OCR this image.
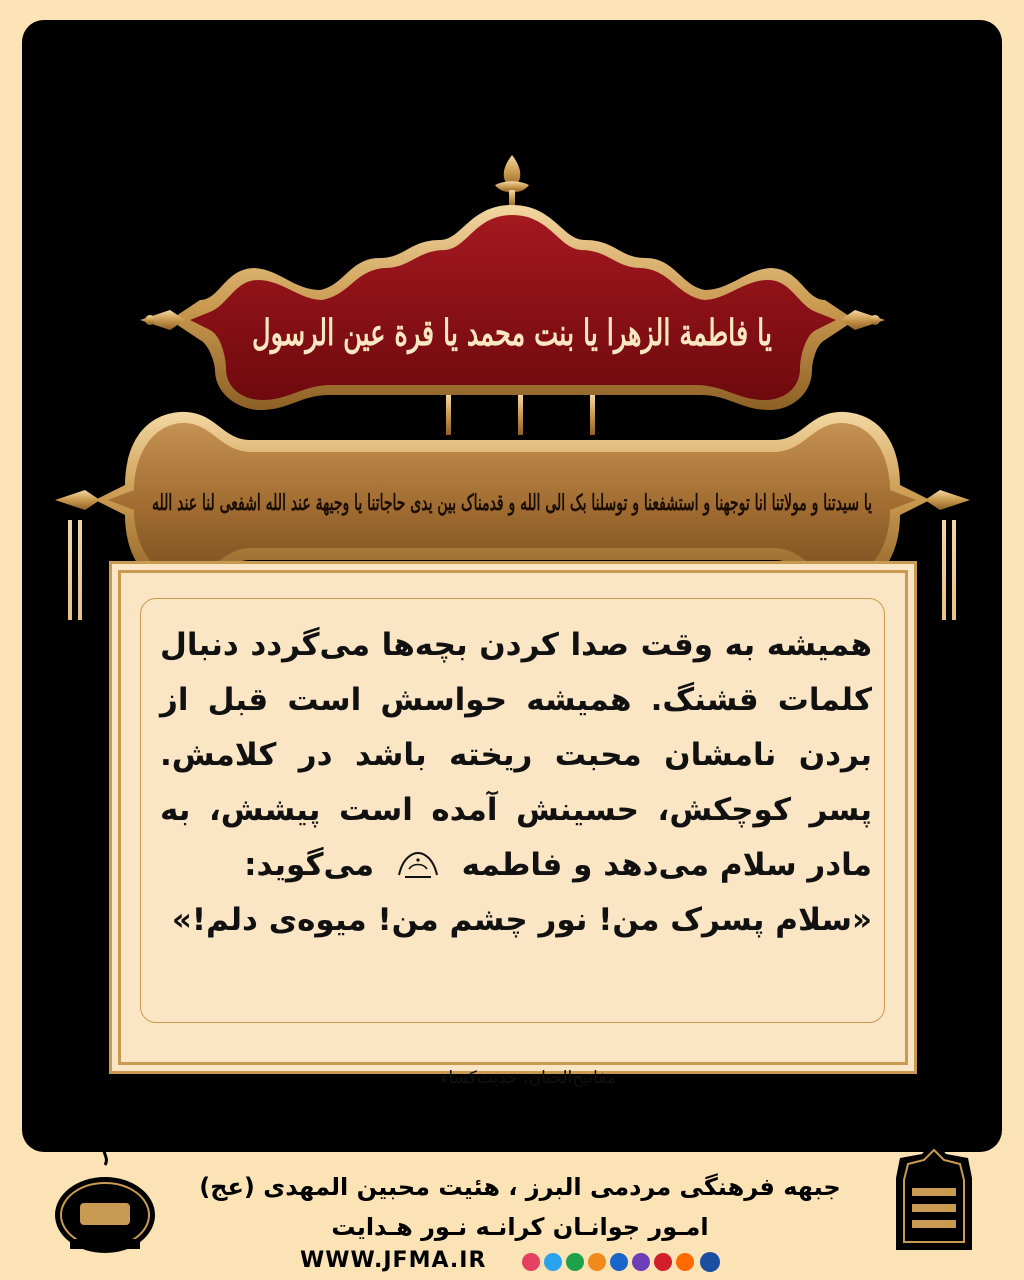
یا فاطمة الزهرا یا بنت محمد یا قرة عین الرسول
یا سیدتنا و مولاتنا انا توجهنا و استشفعنا و توسلنا بک الی الله و قدمناک بین یدی حاجاتنا یا وجیهة عند الله اشفعی لنا عند الله

همیشه به وقت صدا کردن بچه‌ها می‌گردد دنبال کلمات قشنگ. همیشه حواسش است قبل از بردن نامشان محبت ریخته باشد در کلامش. پسر کوچکش، حسینش آمده است پیشش، به مادر سلام می‌دهد و فاطمه  می‌گوید:

«سلام پسرک من! نور چشم من! میوه‌ی دلم!»

مفاتیح‌الجنان، حدیث‌کساء
جبهه فرهنگی مردمی البرز ، هئیت محبین المهدی (عج)
امـور جوانـان کرانـه نـور هـدایت
WWW.JFMA.IR
